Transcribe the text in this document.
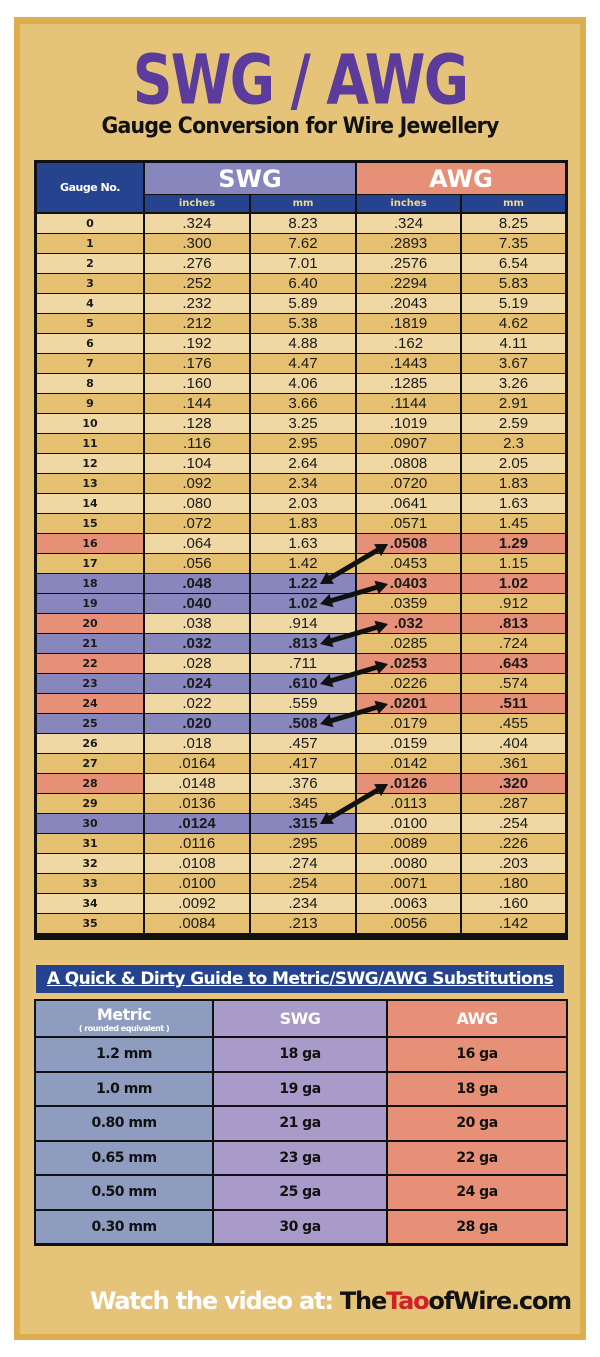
SWG / AWG
Gauge Conversion for Wire Jewellery
Gauge No.	SWG	AWG
inches	mm	inches	mm
0	.324	8.23	.324	8.25
1	.300	7.62	.2893	7.35
2	.276	7.01	.2576	6.54
3	.252	6.40	.2294	5.83
4	.232	5.89	.2043	5.19
5	.212	5.38	.1819	4.62
6	.192	4.88	.162	4.11
7	.176	4.47	.1443	3.67
8	.160	4.06	.1285	3.26
9	.144	3.66	.1144	2.91
10	.128	3.25	.1019	2.59
11	.116	2.95	.0907	2.3
12	.104	2.64	.0808	2.05
13	.092	2.34	.0720	1.83
14	.080	2.03	.0641	1.63
15	.072	1.83	.0571	1.45
16	.064	1.63	.0508	1.29
17	.056	1.42	.0453	1.15
18	.048	1.22	.0403	1.02
19	.040	1.02	.0359	.912
20	.038	.914	.032	.813
21	.032	.813	.0285	.724
22	.028	.711	.0253	.643
23	.024	.610	.0226	.574
24	.022	.559	.0201	.511
25	.020	.508	.0179	.455
26	.018	.457	.0159	.404
27	.0164	.417	.0142	.361
28	.0148	.376	.0126	.320
29	.0136	.345	.0113	.287
30	.0124	.315	.0100	.254
31	.0116	.295	.0089	.226
32	.0108	.274	.0080	.203
33	.0100	.254	.0071	.180
34	.0092	.234	.0063	.160
35	.0084	.213	.0056	.142
A Quick & Dirty Guide to Metric/SWG/AWG Substitutions
Metric
( rounded equivalent )	SWG	AWG
1.2 mm	18 ga	16 ga
1.0 mm	19 ga	18 ga
0.80 mm	21 ga	20 ga
0.65 mm	23 ga	22 ga
0.50 mm	25 ga	24 ga
0.30 mm	30 ga	28 ga
Watch the video at: TheTaoofWire.com
